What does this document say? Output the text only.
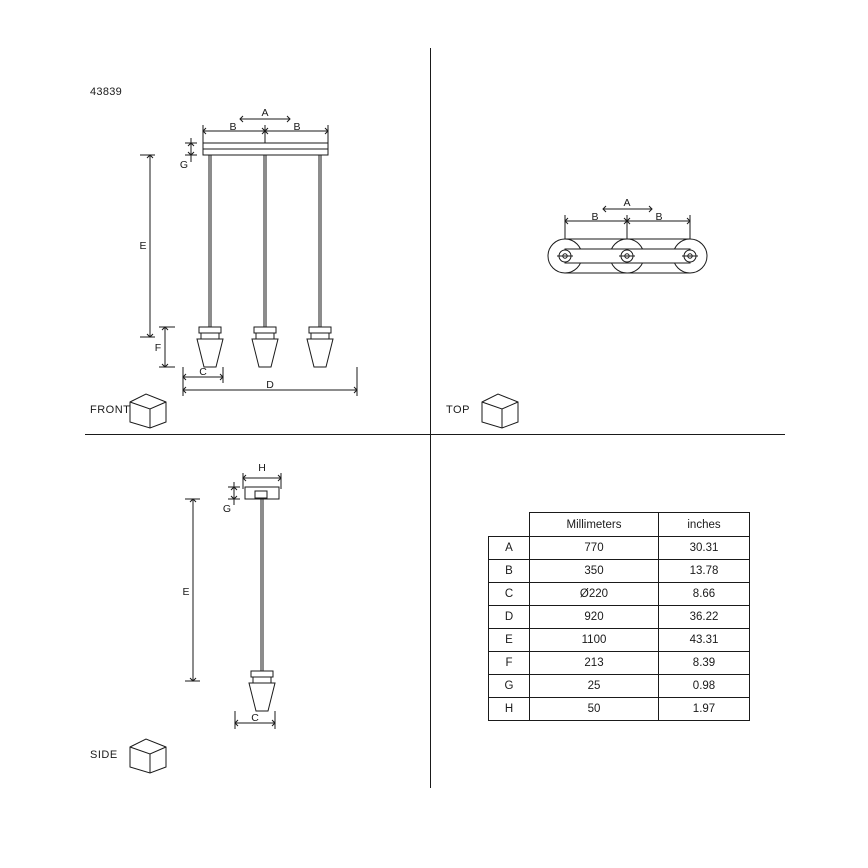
43839
B
A
B
G
E
F
C
D
B
A
B
H
G
E
C
FRONT	TOP
SIDE
	Millimeters	inches
A	770	30.31
B	350	13.78
C	Ø220	8.66
D	920	36.22
E	1100	43.31
F	213	8.39
G	25	0.98
H	50	1.97
